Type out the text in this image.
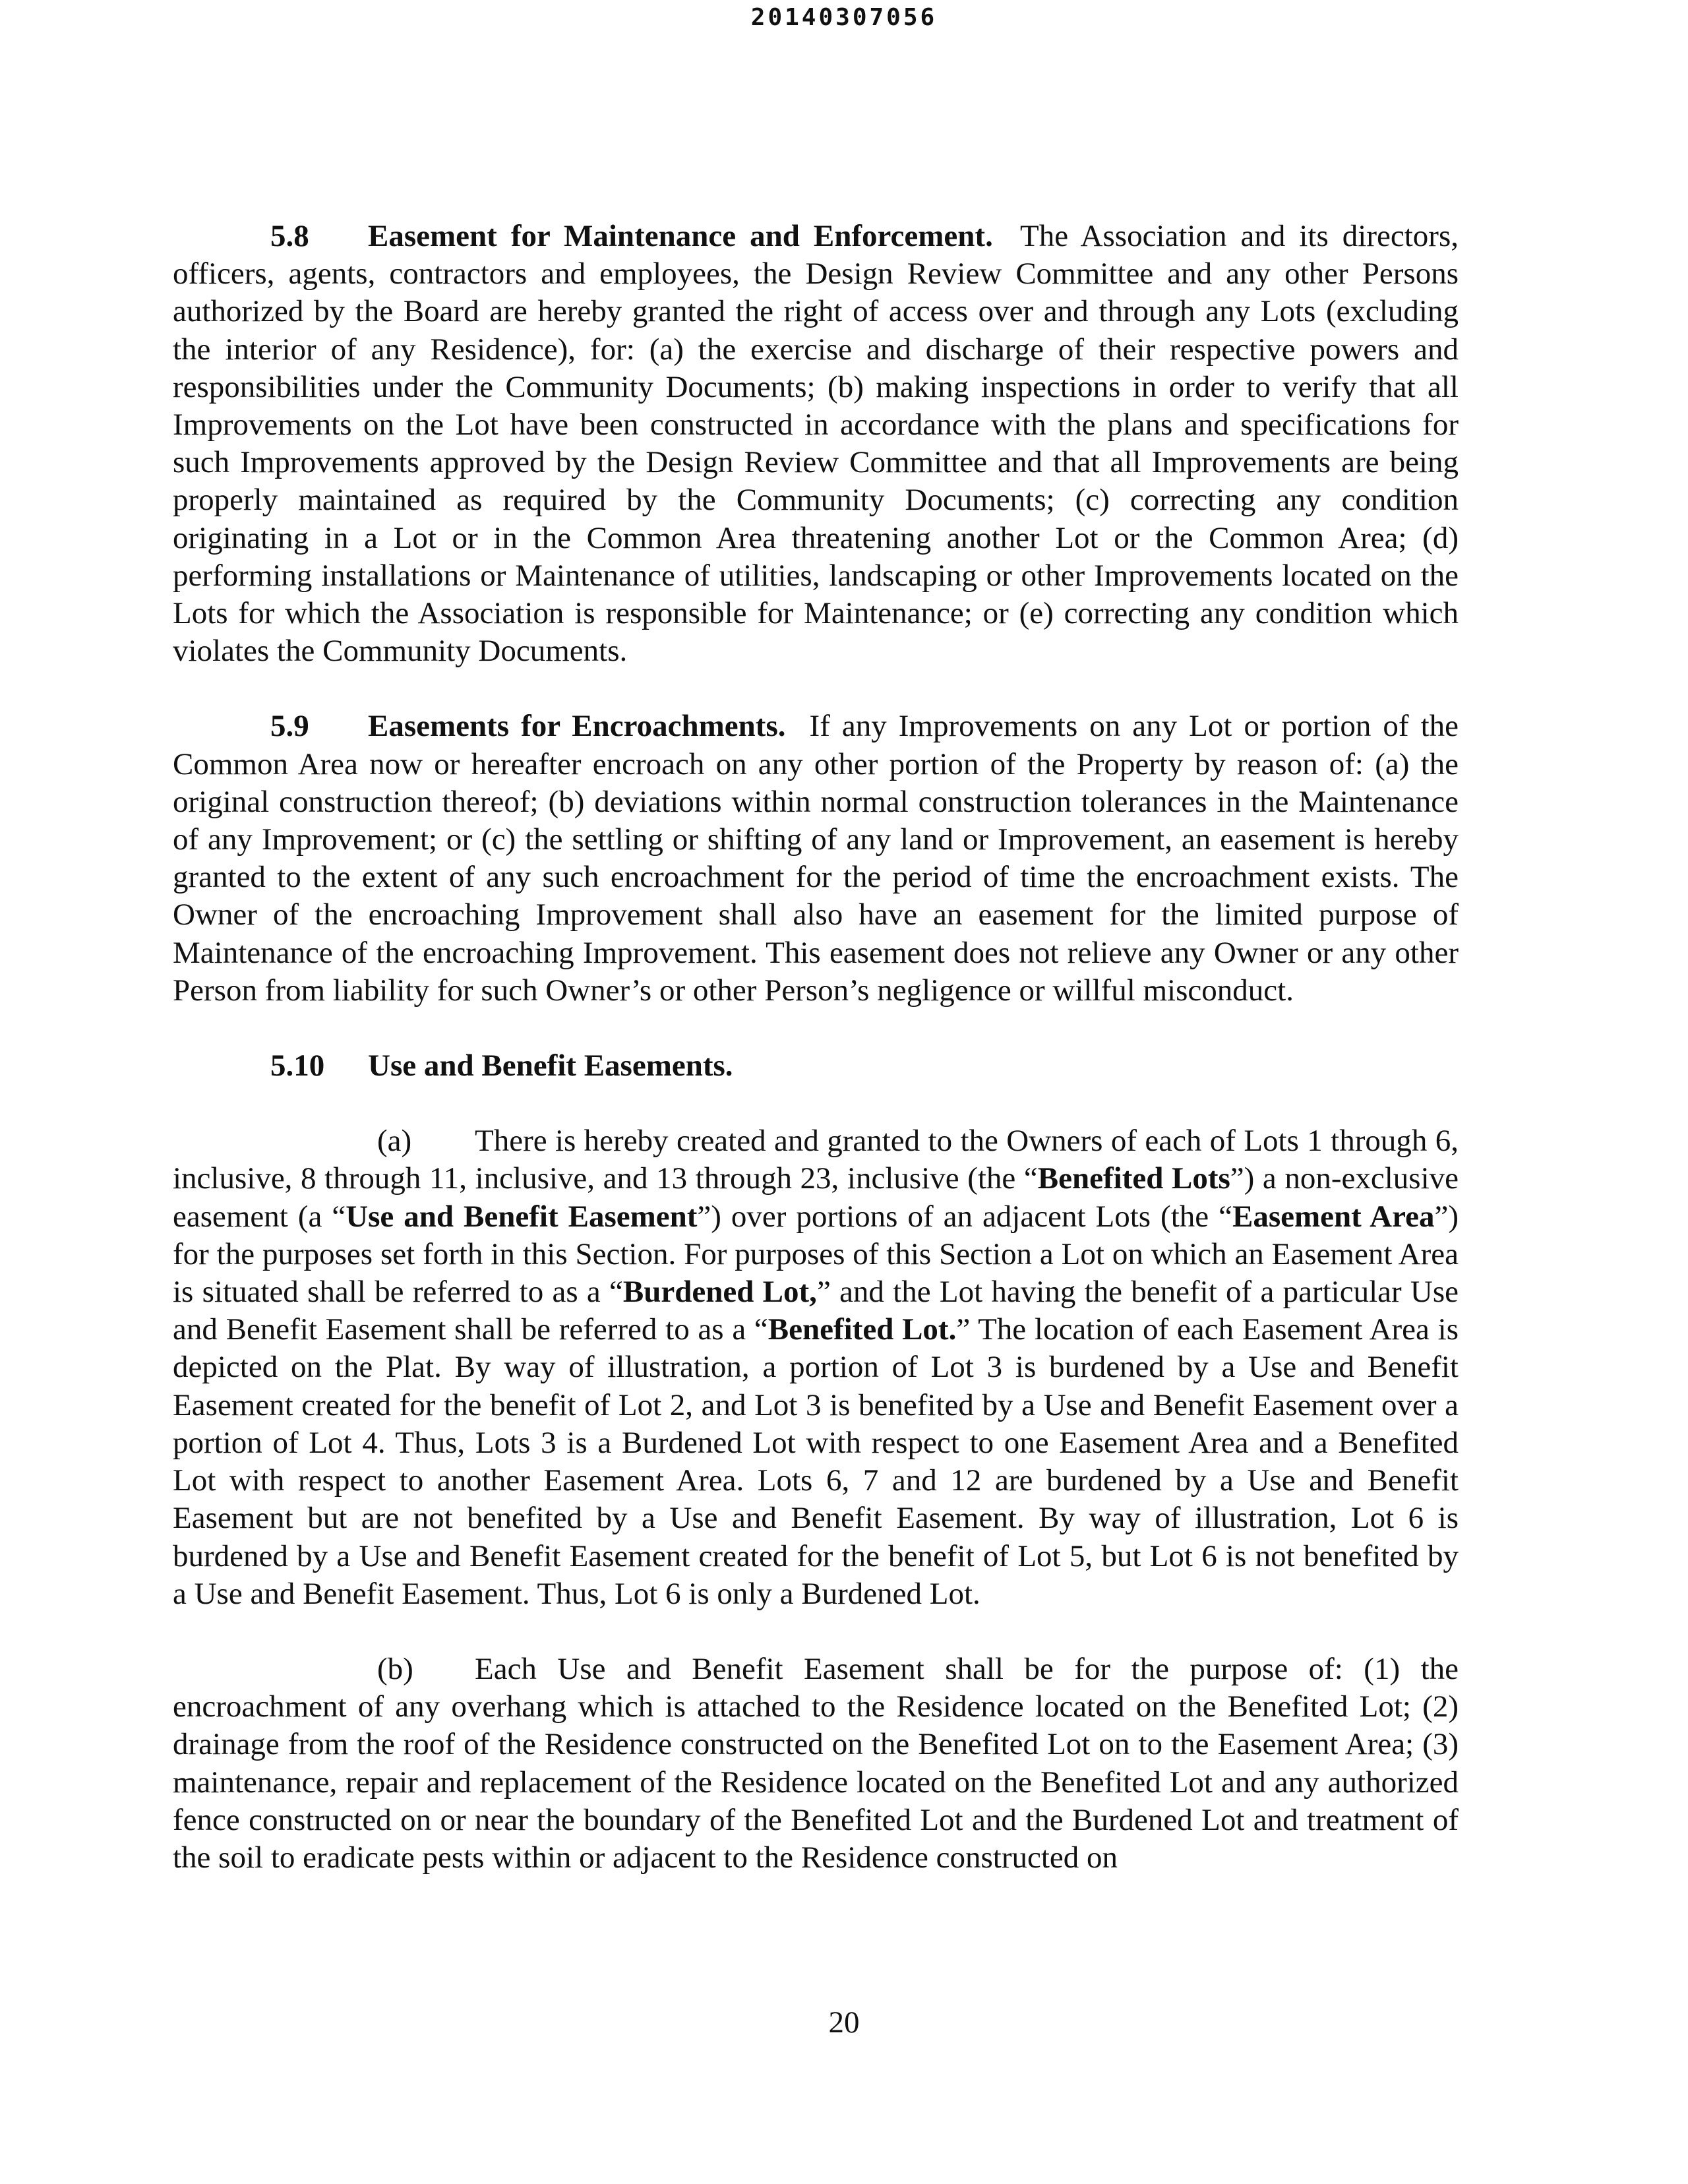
20140307056

5.8 Easement for Maintenance and Enforcement. The Association and its directors, officers, agents, contractors and employees, the Design Review Committee and any other Persons authorized by the Board are hereby granted the right of access over and through any Lots (excluding the interior of any Residence), for: (a) the exercise and discharge of their respective powers and responsibilities under the Community Documents; (b) making inspections in order to verify that all Improvements on the Lot have been constructed in accordance with the plans and specifications for such Improvements approved by the Design Review Committee and that all Improvements are being properly maintained as required by the Community Documents; (c) correcting any condition originating in a Lot or in the Common Area threatening another Lot or the Common Area; (d) performing installations or Maintenance of utilities, landscaping or other Improvements located on the Lots for which the Association is responsible for Maintenance; or (e) correcting any condition which violates the Community Documents.

5.9 Easements for Encroachments. If any Improvements on any Lot or portion of the Common Area now or hereafter encroach on any other portion of the Property by reason of: (a) the original construction thereof; (b) deviations within normal construction tolerances in the Maintenance of any Improvement; or (c) the settling or shifting of any land or Improvement, an easement is hereby granted to the extent of any such encroachment for the period of time the encroachment exists. The Owner of the encroaching Improvement shall also have an easement for the limited purpose of Maintenance of the encroaching Improvement. This easement does not relieve any Owner or any other Person from liability for such Owner’s or other Person’s negligence or willful misconduct.

5.10 Use and Benefit Easements.

(a) There is hereby created and granted to the Owners of each of Lots 1 through 6, inclusive, 8 through 11, inclusive, and 13 through 23, inclusive (the “Benefited Lots”) a non-exclusive easement (a “Use and Benefit Easement”) over portions of an adjacent Lots (the “Easement Area”) for the purposes set forth in this Section. For purposes of this Section a Lot on which an Easement Area is situated shall be referred to as a “Burdened Lot,” and the Lot having the benefit of a particular Use and Benefit Easement shall be referred to as a “Benefited Lot.” The location of each Easement Area is depicted on the Plat. By way of illustration, a portion of Lot 3 is burdened by a Use and Benefit Easement created for the benefit of Lot 2, and Lot 3 is benefited by a Use and Benefit Easement over a portion of Lot 4. Thus, Lots 3 is a Burdened Lot with respect to one Easement Area and a Benefited Lot with respect to another Easement Area. Lots 6, 7 and 12 are burdened by a Use and Benefit Easement but are not benefited by a Use and Benefit Easement. By way of illustration, Lot 6 is burdened by a Use and Benefit Easement created for the benefit of Lot 5, but Lot 6 is not benefited by a Use and Benefit Easement. Thus, Lot 6 is only a Burdened Lot.

(b) Each Use and Benefit Easement shall be for the purpose of: (1) the encroachment of any overhang which is attached to the Residence located on the Benefited Lot; (2) drainage from the roof of the Residence constructed on the Benefited Lot on to the Easement Area; (3) maintenance, repair and replacement of the Residence located on the Benefited Lot and any authorized fence constructed on or near the boundary of the Benefited Lot and the Burdened Lot and treatment of the soil to eradicate pests within or adjacent to the Residence constructed on

20
